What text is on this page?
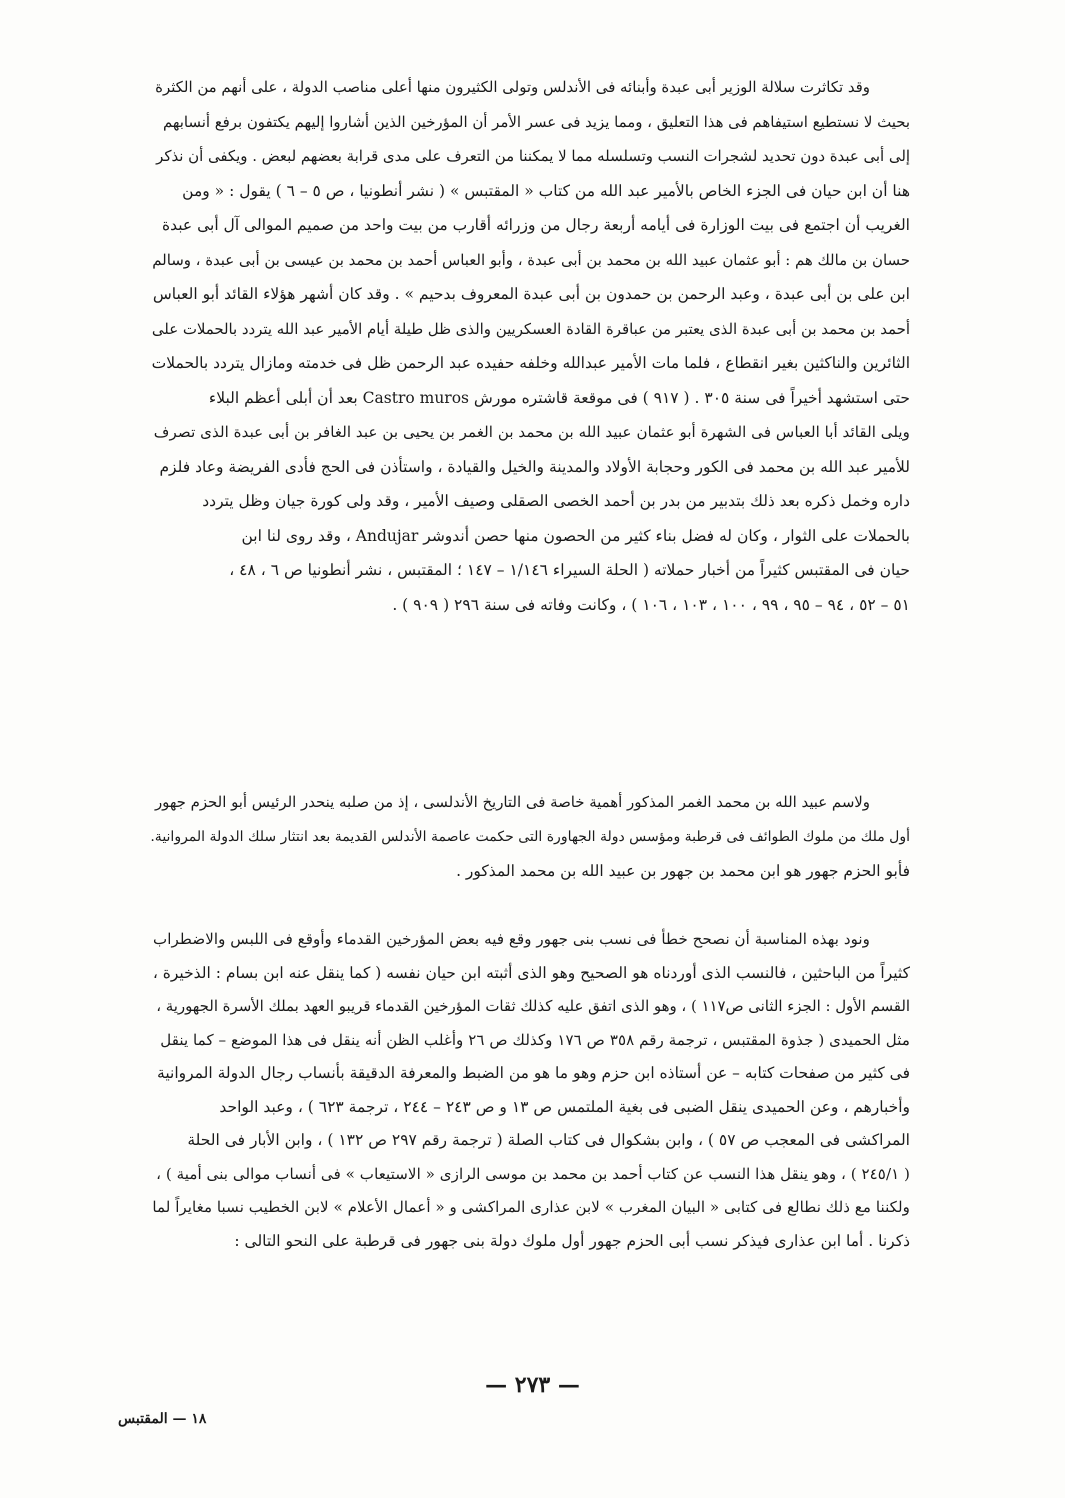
وقد تكاثرت سلالة الوزير أبى عبدة وأبنائه فى الأندلس وتولى الكثيرون منها أعلى مناصب الدولة ، على أنهم من الكثرة
بحيث لا نستطيع استيفاهم فى هذا التعليق ، ومما يزيد فى عسر الأمر أن المؤرخين الذين أشاروا إليهم يكتفون برفع أنسابهم
إلى أبى عبدة دون تحديد لشجرات النسب وتسلسله مما لا يمكننا من التعرف على مدى قرابة بعضهم لبعض . ويكفى أن نذكر
هنا أن ابن حيان فى الجزء الخاص بالأمير عبد الله من كتاب « المقتبس » ( نشر أنطونيا ، ص ٥ – ٦ ) يقول : « ومن
الغريب أن اجتمع فى بيت الوزارة فى أيامه أربعة رجال من وزرائه أقارب من بيت واحد من صميم الموالى آل أبى عبدة
حسان بن مالك هم : أبو عثمان عبيد الله بن محمد بن أبى عبدة ، وأبو العباس أحمد بن محمد بن عيسى بن أبى عبدة ، وسالم
ابن على بن أبى عبدة ، وعبد الرحمن بن حمدون بن أبى عبدة المعروف بدحيم » . وقد كان أشهر هؤلاء القائد أبو العباس
أحمد بن محمد بن أبى عبدة الذى يعتبر من عباقرة القادة العسكريين والذى ظل طيلة أيام الأمير عبد الله يتردد بالحملات على
الثائرين والناكثين بغير انقطاع ، فلما مات الأمير عبدالله وخلفه حفيده عبد الرحمن ظل فى خدمته ومازال يتردد بالحملات
حتى استشهد أخيراً فى سنة ٣٠٥ . ( ٩١٧ ) فى موقعة قاشتره مورش Castro muros بعد أن أبلى أعظم البلاء
ويلى القائد أبا العباس فى الشهرة أبو عثمان عبيد الله بن محمد بن الغمر بن يحيى بن عبد الغافر بن أبى عبدة الذى تصرف
للأمير عبد الله بن محمد فى الكور وحجابة الأولاد والمدينة والخيل والقيادة ، واستأذن فى الحج فأدى الفريضة وعاد فلزم
داره وخمل ذكره بعد ذلك بتدبير من بدر بن أحمد الخصى الصقلى وصيف الأمير ، وقد ولى كورة جيان وظل يتردد
بالحملات على الثوار ، وكان له فضل بناء كثير من الحصون منها حصن أندوشر Andujar ، وقد روى لنا ابن
حيان فى المقتبس كثيراً من أخبار حملاته ( الحلة السيراء ١/١٤٦ – ١٤٧ ؛ المقتبس ، نشر أنطونيا ص ٦ ، ٤٨ ،
٥١ – ٥٢ ، ٩٤ – ٩٥ ، ٩٩ ، ١٠٠ ، ١٠٣ ، ١٠٦ ) ، وكانت وفاته فى سنة ٢٩٦ ( ٩٠٩ ) .
ولاسم عبيد الله بن محمد الغمر المذكور أهمية خاصة فى التاريخ الأندلسى ، إذ من صلبه ينحدر الرئيس أبو الحزم جهور
أول ملك من ملوك الطوائف فى قرطبة ومؤسس دولة الجهاورة التى حكمت عاصمة الأندلس القديمة بعد انتثار سلك الدولة المروانية.
فأبو الحزم جهور هو ابن محمد بن جهور بن عبيد الله بن محمد المذكور .
ونود بهذه المناسبة أن نصحح خطأ فى نسب بنى جهور وقع فيه بعض المؤرخين القدماء وأوقع فى اللبس والاضطراب
كثيراً من الباحثين ، فالنسب الذى أوردناه هو الصحيح وهو الذى أثبته ابن حيان نفسه ( كما ينقل عنه ابن بسام : الذخيرة ،
القسم الأول : الجزء الثانى ص١١٧ ) ، وهو الذى اتفق عليه كذلك ثقات المؤرخين القدماء قريبو العهد بملك الأسرة الجهورية ،
مثل الحميدى ( جذوة المقتبس ، ترجمة رقم ٣٥٨ ص ١٧٦ وكذلك ص ٢٦ وأغلب الظن أنه ينقل فى هذا الموضع – كما ينقل
فى كثير من صفحات كتابه – عن أستاذه ابن حزم وهو ما هو من الضبط والمعرفة الدقيقة بأنساب رجال الدولة المروانية
وأخبارهم ، وعن الحميدى ينقل الضبى فى بغية الملتمس ص ١٣ و ص ٢٤٣ – ٢٤٤ ، ترجمة ٦٢٣ ) ، وعبد الواحد
المراكشى فى المعجب ص ٥٧ ) ، وابن بشكوال فى كتاب الصلة ( ترجمة رقم ٢٩٧ ص ١٣٢ ) ، وابن الأبار فى الحلة
( ٢٤٥/١ ) ، وهو ينقل هذا النسب عن كتاب أحمد بن محمد بن موسى الرازى « الاستيعاب » فى أنساب موالى بنى أمية ) ،
ولكننا مع ذلك نطالع فى كتابى « البيان المغرب » لابن عذارى المراكشى و « أعمال الأعلام » لابن الخطيب نسبا مغايراً لما
ذكرنا . أما ابن عذارى فيذكر نسب أبى الحزم جهور أول ملوك دولة بنى جهور فى قرطبة على النحو التالى :
— ٢٧٣ —
١٨ — المقتبس
